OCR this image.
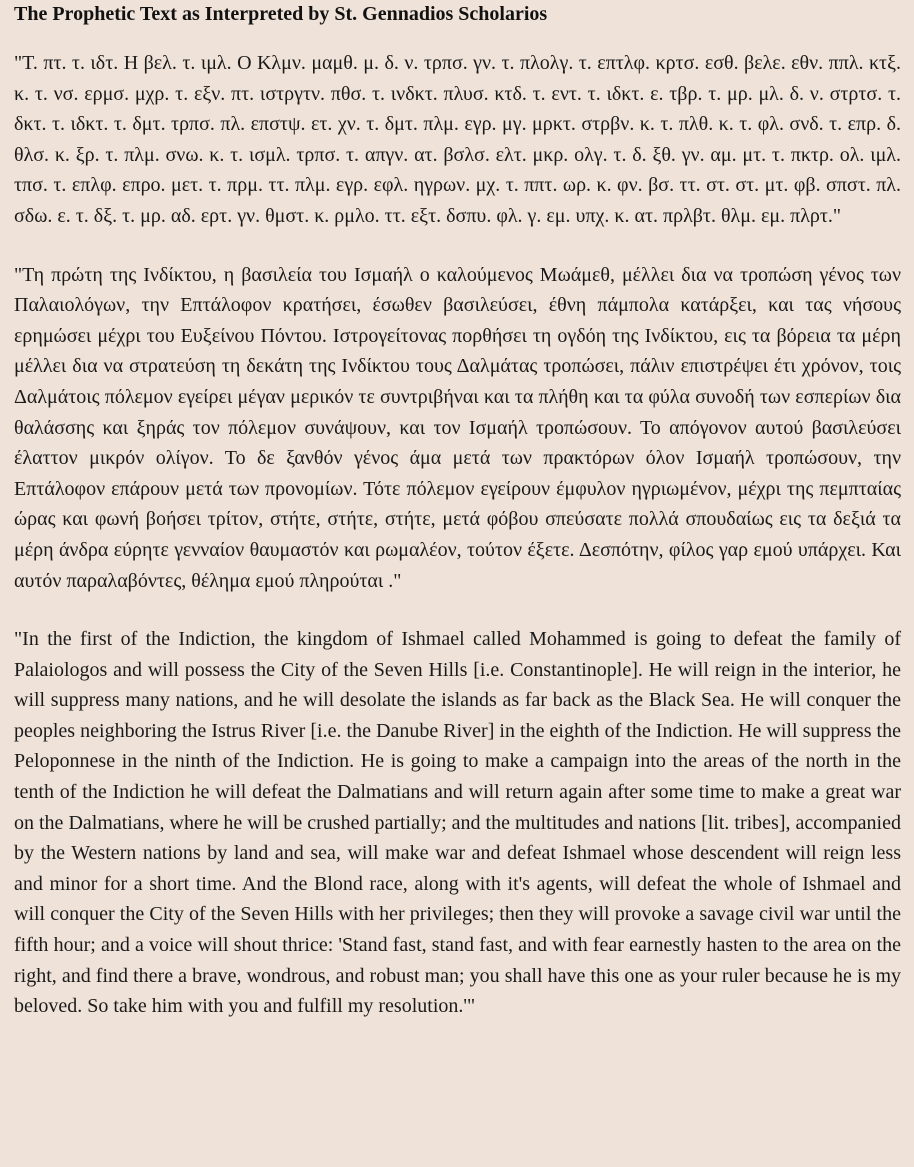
The Prophetic Text as Interpreted by St. Gennadios Scholarios

"Τ. πτ. τ. ιδτ. Η βελ. τ. ιμλ. Ο Κλμν. μαμθ. μ. δ. ν. τρπσ. γν. τ. πλολγ. τ. επτλφ. κρτσ. εσθ. βελε. εθν. ππλ. κτξ. κ. τ. νσ. ερμσ. μχρ. τ. εξν. πτ. ιστργτν. πθσ. τ. ινδκτ. πλυσ. κτδ. τ. εντ. τ. ιδκτ. ε. τβρ. τ. μρ. μλ. δ. ν. στρτσ. τ. δκτ. τ. ιδκτ. τ. δμτ. τρπσ. πλ. επστψ. ετ. χν. τ. δμτ. πλμ. εγρ. μγ. μρκτ. στρβν. κ. τ. πλθ. κ. τ. φλ. σνδ. τ. επρ. δ. θλσ. κ. ξρ. τ. πλμ. σνω. κ. τ. ισμλ. τρπσ. τ. απγν. ατ. βσλσ. ελτ. μκρ. ολγ. τ. δ. ξθ. γν. αμ. μτ. τ. πκτρ. ολ. ιμλ. τπσ. τ. επλφ. επρο. μετ. τ. πρμ. ττ. πλμ. εγρ. εφλ. ηγρων. μχ. τ. ππτ. ωρ. κ. φν. βσ. ττ. στ. στ. μτ. φβ. σπστ. πλ. σδω. ε. τ. δξ. τ. μρ. αδ. ερτ. γν. θμστ. κ. ρμλο. ττ. εξτ. δσπυ. φλ. γ. εμ. υπχ. κ. ατ. πρλβτ. θλμ. εμ. πλρτ."

"Τη πρώτη της Ινδίκτου, η βασιλεία του Ισμαήλ ο καλούμενος Μωάμεθ, μέλλει δια να τροπώση γένος των Παλαιολόγων, την Επτάλοφον κρατήσει, έσωθεν βασιλεύσει, έθνη πάμπολα κατάρξει, και τας νήσους ερημώσει μέχρι του Ευξείνου Πόντου. Ιστρογείτονας πορθήσει τη ογδόη της Ινδίκτου, εις τα βόρεια τα μέρη μέλλει δια να στρατεύση τη δεκάτη της Ινδίκτου τους Δαλμάτας τροπώσει, πάλιν επιστρέψει έτι χρόνον, τοις Δαλμάτοις πόλεμον εγείρει μέγαν μερικόν τε συντριβήναι και τα πλήθη και τα φύλα συνοδή των εσπερίων δια θαλάσσης και ξηράς τον πόλεμον συνάψουν, και τον Ισμαήλ τροπώσουν. Το απόγονον αυτού βασιλεύσει έλαττον μικρόν ολίγον. Το δε ξανθόν γένος άμα μετά των πρακτόρων όλον Ισμαήλ τροπώσουν, την Επτάλοφον επάρουν μετά των προνομίων. Τότε πόλεμον εγείρουν έμφυλον ηγριωμένον, μέχρι της πεμπταίας ώρας και φωνή βοήσει τρίτον, στήτε, στήτε, στήτε, μετά φόβου σπεύσατε πολλά σπουδαίως εις τα δεξιά τα μέρη άνδρα εύρητε γενναίον θαυμαστόν και ρωμαλέον, τούτον έξετε. Δεσπότην, φίλος γαρ εμού υπάρχει. Και αυτόν παραλαβόντες, θέλημα εμού πληρούται ."

"In the first of the Indiction, the kingdom of Ishmael called Mohammed is going to defeat the family of Palaiologos and will possess the City of the Seven Hills [i.e. Constantinople]. He will reign in the interior, he will suppress many nations, and he will desolate the islands as far back as the Black Sea. He will conquer the peoples neighboring the Istrus River [i.e. the Danube River] in the eighth of the Indiction. He will suppress the Peloponnese in the ninth of the Indiction. He is going to make a campaign into the areas of the north in the tenth of the Indiction he will defeat the Dalmatians and will return again after some time to make a great war on the Dalmatians, where he will be crushed partially; and the multitudes and nations [lit. tribes], accompanied by the Western nations by land and sea, will make war and defeat Ishmael whose descendent will reign less and minor for a short time. And the Blond race, along with it's agents, will defeat the whole of Ishmael and will conquer the City of the Seven Hills with her privileges; then they will provoke a savage civil war until the fifth hour; and a voice will shout thrice: 'Stand fast, stand fast, and with fear earnestly hasten to the area on the right, and find there a brave, wondrous, and robust man; you shall have this one as your ruler because he is my beloved. So take him with you and fulfill my resolution.'"
